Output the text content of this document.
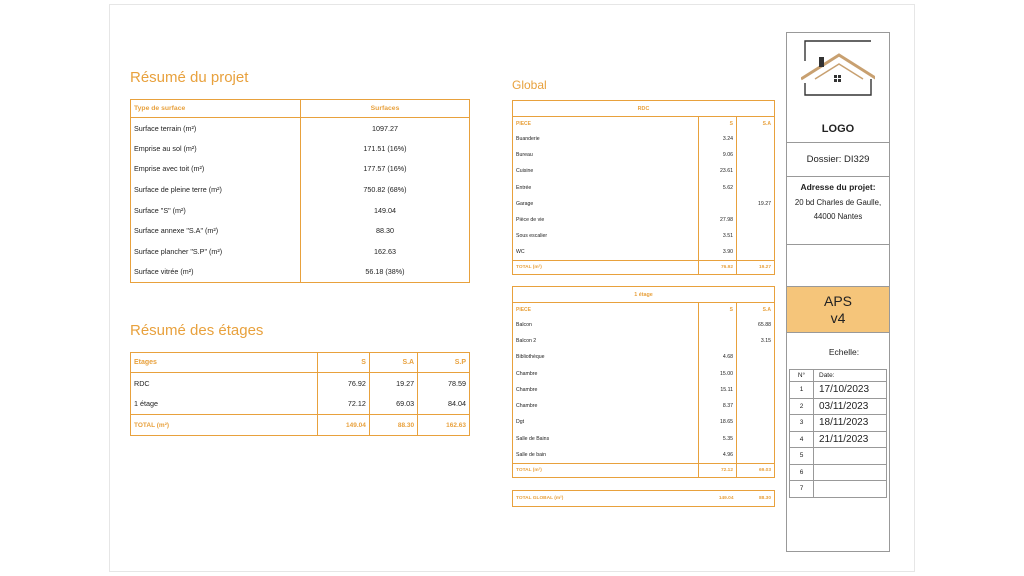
Résumé du projet
Type de surface	Surfaces
Surface terrain (m²)	1097.27
Emprise au sol (m²)	171.51 (16%)
Emprise avec toit (m²)	177.57 (16%)
Surface de pleine terre (m²)	750.82 (68%)
Surface "S" (m²)	149.04
Surface annexe "S.A" (m²)	88.30
Surface plancher "S.P" (m²)	162.63
Surface vitrée (m²)	56.18 (38%)
Résumé des étages
Etages	S	S.A	S.P
RDC	76.92	19.27	78.59
1 étage	72.12	69.03	84.04
TOTAL (m²)	149.04	88.30	162.63
Global
RDC		
PIECE	S	S.A
Buanderie	3.24	
Bureau	9.06	
Cuisine	23.61	
Entrée	5.62	
Garage		19.27
Pièce de vie	27.98	
Sous escalier	3.51	
WC	3.90	
TOTAL (m²)	76.92	19.27
1 étage		
PIECE	S	S.A
Balcon		65.88
Balcon 2		3.15
Bibliothèque	4.68	
Chambre	15.00	
Chambre	15.11	
Chambre	8.37	
Dgt	18.65	
Salle de Bains	5.35	
Salle de bain	4.96	
TOTAL (m²)	72.12	69.03
TOTAL GLOBAL (m²)	149.04	88.30
LOGO
Dossier: DI329
Adresse du projet:
20 bd Charles de Gaulle, 44000 Nantes
APS
v4
Echelle:
N°	Date:
1	17/10/2023
2	03/11/2023
3	18/11/2023
4	21/11/2023
5	
6	
7	
